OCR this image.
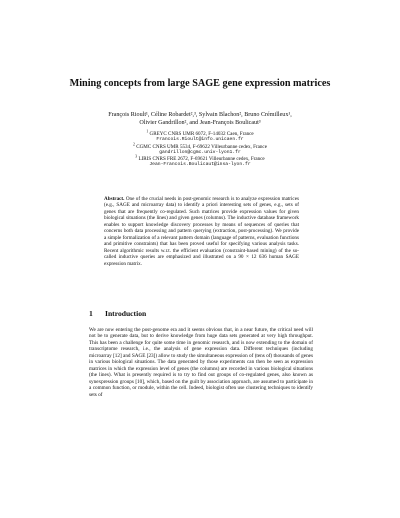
Mining concepts from large SAGE gene expression matrices
François Rioult¹, Céline Robardet²,³, Sylvain Blachon², Bruno Crémilleux¹,
Olivier Gandrillon², and Jean-François Boulicaut³

$^1$ GREYC CNRS UMR 6072, F-14032 Caen, France

Francois.Rioult@info.unicaen.fr

$^2$ CGMC CNRS UMR 5534, F-69622 Villeurbanne cedex, France

gandrillon@cgmc.univ-lyon1.fr

$^3$ LIRIS CNRS FRE 2672, F-69621 Villeurbanne cedex, France

Jean-Francois.Boulicaut@insa-lyon.fr

Abstract. One of the crucial needs in post-genomic research is to analyze expression matrices (e.g., SAGE and microarray data) to identify a priori interesting sets of genes, e.g., sets of genes that are frequently co-regulated. Such matrices provide expression values for given biological situations (the lines) and given genes (columns). The inductive database framework enables to support knowledge discovery processes by means of sequences of queries that concerns both data processing and pattern querying (extraction, post-processing). We provide a simple formalization of a relevant pattern domain (language of patterns, evaluation functions and primitive constraints) that has been proved useful for specifying various analysis tasks. Recent algorithmic results w.r.t. the efficient evaluation (constraint-based mining) of the so-called inductive queries are emphasized and illustrated on a 90 × 12 636 human SAGE expression matrix.
1 Introduction

We are now entering the post-genome era and it seems obvious that, in a near future, the critical need will not be to generate data, but to derive knowledge from huge data sets generated at very high throughput. This has been a challenge for quite some time in genomic research, and is now extending to the domain of transcriptome research, i.e., the analysis of gene expression data. Different techniques (including microarray [12] and SAGE [23]) allow to study the simultaneous expression of (tens of) thousands of genes in various biological situations. The data generated by those experiments can then be seen as expression matrices in which the expression level of genes (the columns) are recorded in various biological situations (the lines). What is presently required is to try to find out groups of co-regulated genes, also known as synexpression groups [10], which, based on the guilt by association approach, are assumed to participate in a common function, or module, within the cell. Indeed, biologist often use clustering techniques to identify sets of
